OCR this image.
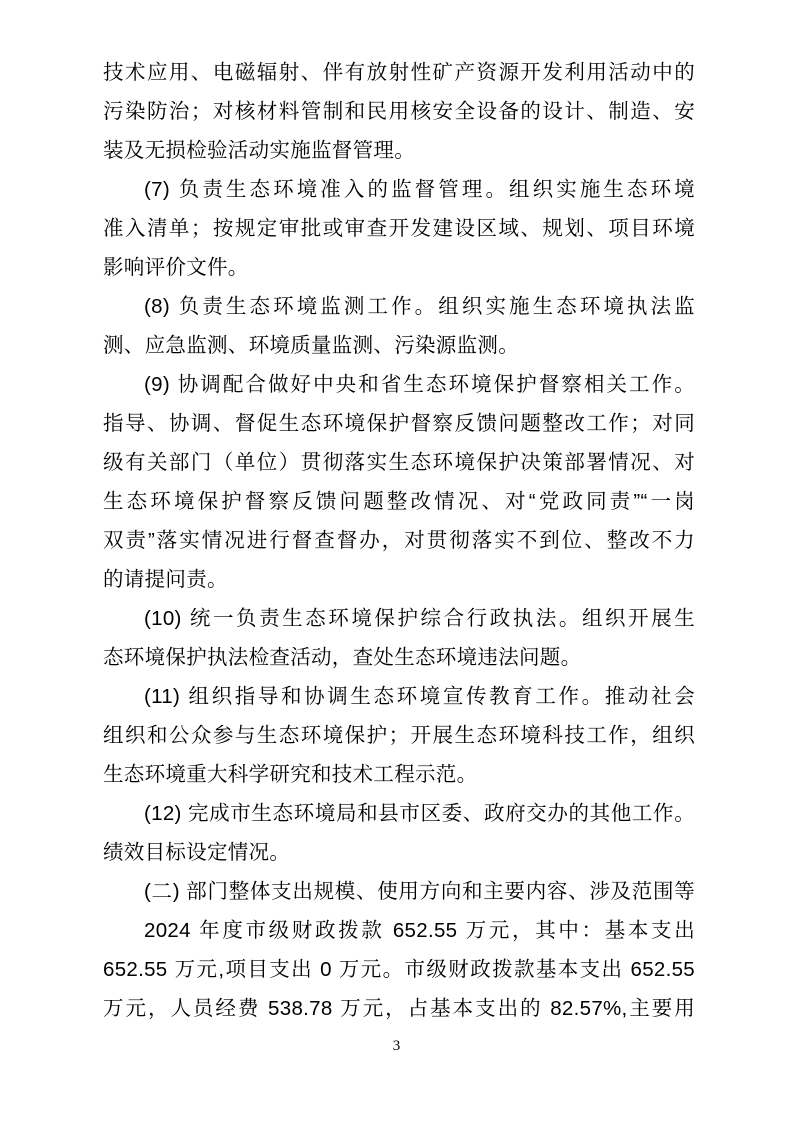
技术应用、电磁辐射、伴有放射性矿产资源开发利用活动中的
污染防治；对核材料管制和民用核安全设备的设计、制造、安
装及无损检验活动实施监督管理。
(7) 负责生态环境准入的监督管理。组织实施生态环境
准入清单；按规定审批或审查开发建设区域、规划、项目环境
影响评价文件。
(8) 负责生态环境监测工作。组织实施生态环境执法监
测、应急监测、环境质量监测、污染源监测。
(9) 协调配合做好中央和省生态环境保护督察相关工作。
指导、协调、督促生态环境保护督察反馈问题整改工作；对同
级有关部门（单位）贯彻落实生态环境保护决策部署情况、对
生态环境保护督察反馈问题整改情况、对“党政同责”“一岗
双责”落实情况进行督查督办，对贯彻落实不到位、整改不力
的请提问责。
(10) 统一负责生态环境保护综合行政执法。组织开展生
态环境保护执法检查活动，查处生态环境违法问题。
(11) 组织指导和协调生态环境宣传教育工作。推动社会
组织和公众参与生态环境保护；开展生态环境科技工作，组织
生态环境重大科学研究和技术工程示范。
(12) 完成市生态环境局和县市区委、政府交办的其他工作。
绩效目标设定情况。
(二) 部门整体支出规模、使用方向和主要内容、涉及范围等
2024 年度市级财政拨款 652.55 万元，其中：基本支出
652.55 万元,项目支出 0 万元。市级财政拨款基本支出 652.55
万元，人员经费 538.78 万元，占基本支出的 82.57%,主要用
3
